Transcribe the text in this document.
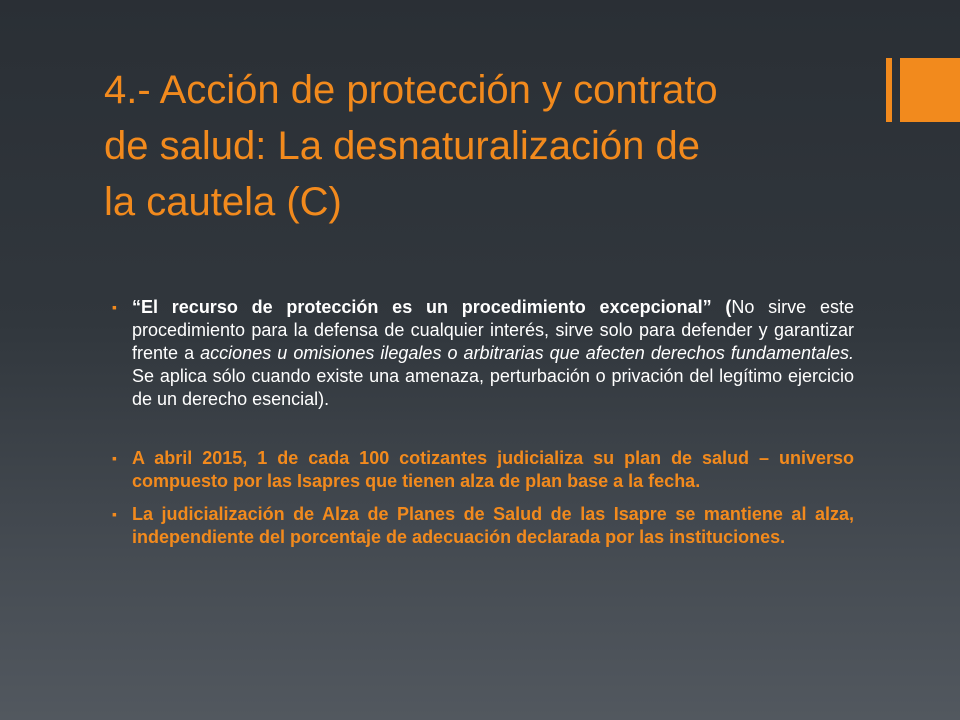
4.- Acción de protección y contrato
de salud: La desnaturalización de
la cautela (C)
▪ “El recurso de protección es un procedimiento excepcional” (No sirve este procedimiento para la defensa de cualquier interés, sirve solo para defender y garantizar frente a acciones u omisiones ilegales o arbitrarias que afecten derechos fundamentales. Se aplica sólo cuando existe una amenaza, perturbación o privación del legítimo ejercicio de un derecho esencial).
▪ A abril 2015, 1 de cada 100 cotizantes judicializa su plan de salud – universo compuesto por las Isapres que tienen alza de plan base a la fecha.
▪ La judicialización de Alza de Planes de Salud de las Isapre se mantiene al alza, independiente del porcentaje de adecuación declarada por las instituciones.
